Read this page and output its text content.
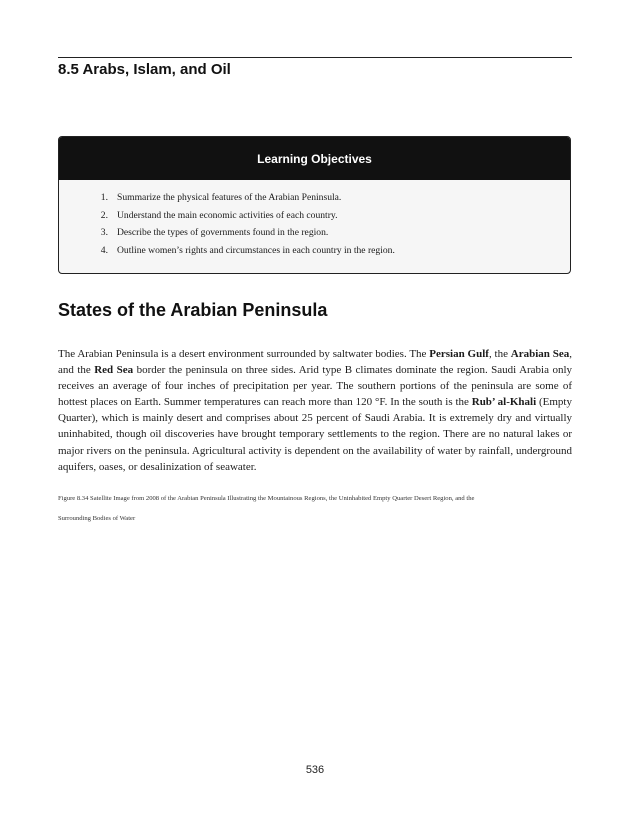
8.5 Arabs, Islam, and Oil
Learning Objectives
1. Summarize the physical features of the Arabian Peninsula.
2. Understand the main economic activities of each country.
3. Describe the types of governments found in the region.
4. Outline women’s rights and circumstances in each country in the region.
States of the Arabian Peninsula

The Arabian Peninsula is a desert environment surrounded by saltwater bodies. The Persian Gulf, the Arabian Sea, and the Red Sea border the peninsula on three sides. Arid type B climates dominate the region. Saudi Arabia only receives an average of four inches of precipitation per year. The southern portions of the peninsula are some of hottest places on Earth. Summer temperatures can reach more than 120 °F. In the south is the Rub’ al-Khali (Empty Quarter), which is mainly desert and comprises about 25 percent of Saudi Arabia. It is extremely dry and virtually uninhabited, though oil discoveries have brought temporary settlements to the region. There are no natural lakes or major rivers on the peninsula. Agricultural activity is dependent on the availability of water by rainfall, underground aquifers, oases, or desalinization of seawater.

Figure 8.34 Satellite Image from 2008 of the Arabian Peninsula Illustrating the Mountainous Regions, the Uninhabited Empty Quarter Desert Region, and the Surrounding Bodies of Water

536
